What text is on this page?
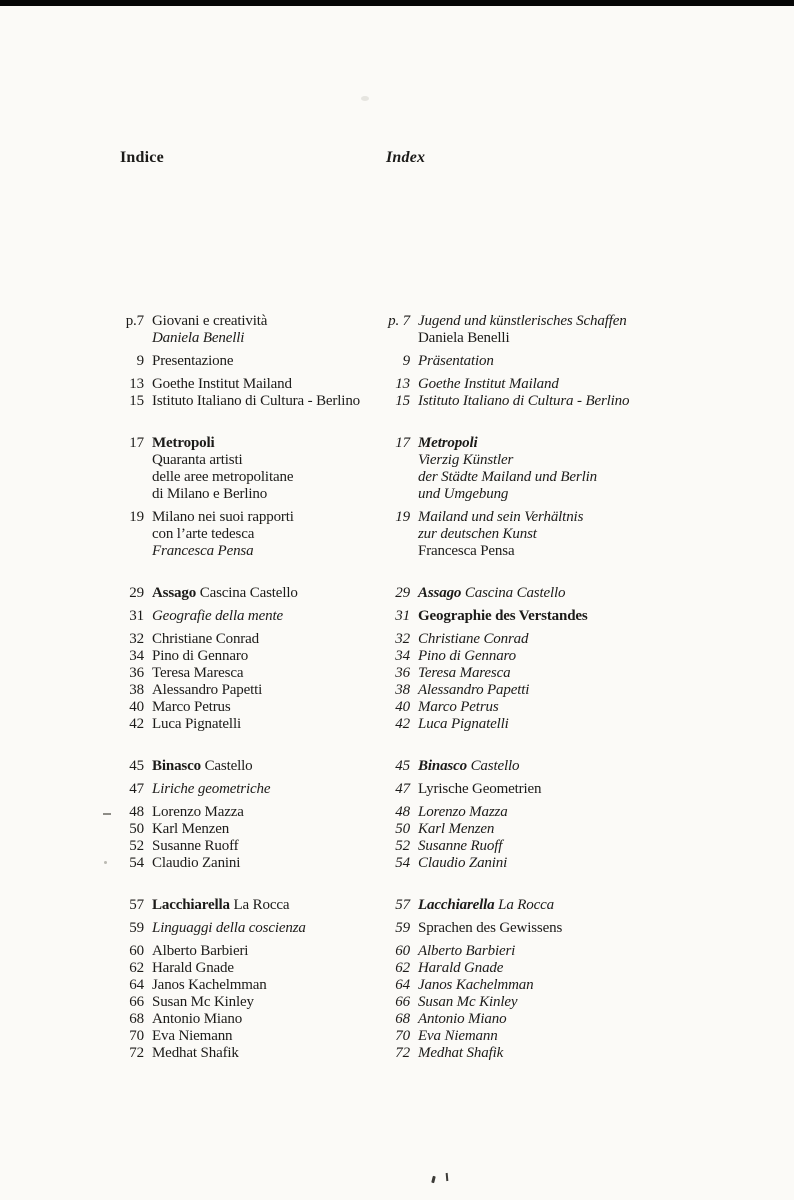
Indice	Index
p.7 Giovani e creatività
Daniela Benelli
9 Presentazione
13 Goethe Institut Mailand
15 Istituto Italiano di Cultura - Berlino
17 Metropoli
Quaranta artisti
delle aree metropolitane
di Milano e Berlino
19 Milano nei suoi rapporti
con l’arte tedesca
Francesca Pensa
29 Assago Cascina Castello
31 Geografie della mente
32 Christiane Conrad
34 Pino di Gennaro
36 Teresa Maresca
38 Alessandro Papetti
40 Marco Petrus
42 Luca Pignatelli
45 Binasco Castello
47 Liriche geometriche
48 Lorenzo Mazza
50 Karl Menzen
52 Susanne Ruoff
54 Claudio Zanini
57 Lacchiarella La Rocca
59 Linguaggi della coscienza
60 Alberto Barbieri
62 Harald Gnade
64 Janos Kachelmman
66 Susan Mc Kinley
68 Antonio Miano
70 Eva Niemann
72 Medhat Shafik
p. 7 Jugend und künstlerisches Schaffen
Daniela Benelli
9 Präsentation
13 Goethe Institut Mailand
15 Istituto Italiano di Cultura - Berlino
17 Metropoli
Vierzig Künstler
der Städte Mailand und Berlin
und Umgebung
19 Mailand und sein Verhältnis
zur deutschen Kunst
Francesca Pensa
29 Assago Cascina Castello
31 Geographie des Verstandes
32 Christiane Conrad
34 Pino di Gennaro
36 Teresa Maresca
38 Alessandro Papetti
40 Marco Petrus
42 Luca Pignatelli
45 Binasco Castello
47 Lyrische Geometrien
48 Lorenzo Mazza
50 Karl Menzen
52 Susanne Ruoff
54 Claudio Zanini
57 Lacchiarella La Rocca
59 Sprachen des Gewissens
60 Alberto Barbieri
62 Harald Gnade
64 Janos Kachelmman
66 Susan Mc Kinley
68 Antonio Miano
70 Eva Niemann
72 Medhat Shafik
